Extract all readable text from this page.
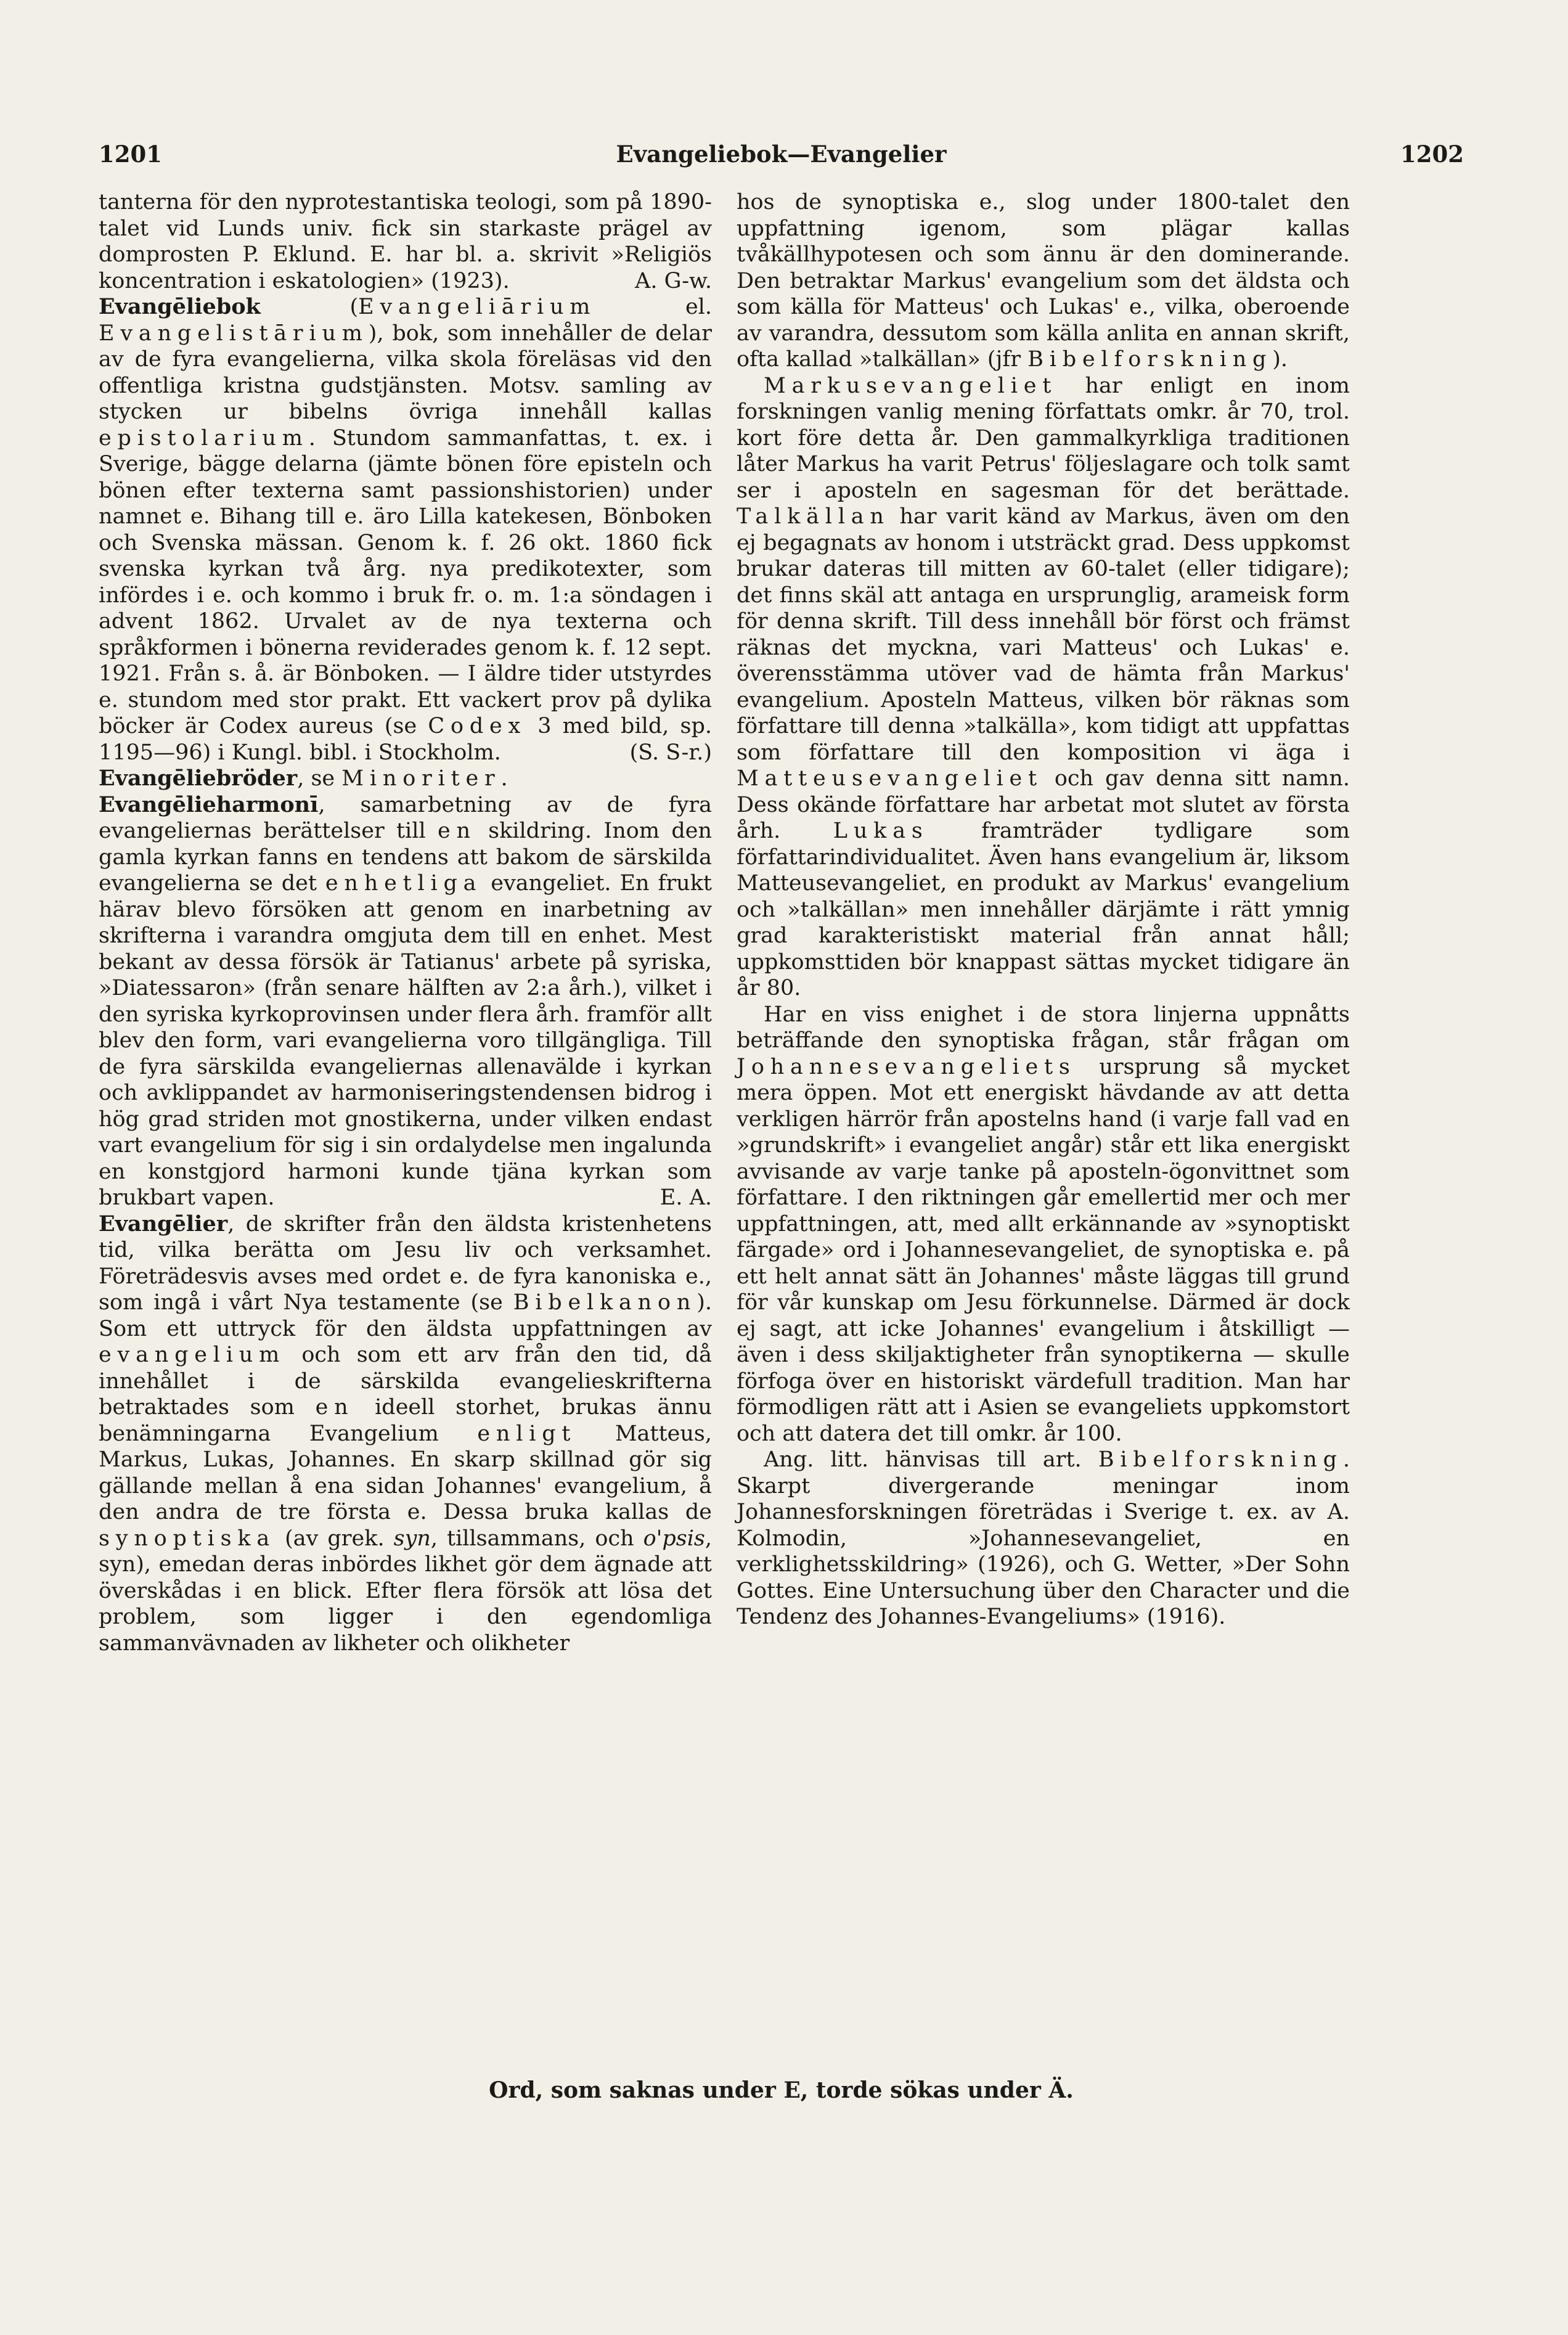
Evangeliebok—Evangelier
1201	1202

tanterna för den nyprotestantiska teologi, som på 1890-talet vid Lunds univ. fick sin starkaste prägel av domprosten P. Eklund. E. har bl. a. skrivit »Religiös koncentration i eskatologien» (1923).	A. G-w.

Evangēliebok (Evangeliārium el. Evangelistārium), bok, som innehåller de delar av de fyra evangelierna, vilka skola föreläsas vid den offentliga kristna gudstjänsten. Motsv. samling av stycken ur bibelns övriga innehåll kallas epistolarium. Stundom sammanfattas, t. ex. i Sverige, bägge delarna (jämte bönen före episteln och bönen efter texterna samt passionshistorien) under namnet e. Bihang till e. äro Lilla katekesen, Bönboken och Svenska mässan. Genom k. f. 26 okt. 1860 fick svenska kyrkan två årg. nya predikotexter, som infördes i e. och kommo i bruk fr. o. m. 1:a söndagen i advent 1862. Urvalet av de nya texterna och språkformen i bönerna reviderades genom k. f. 12 sept. 1921. Från s. å. är Bönboken. — I äldre tider utstyrdes e. stundom med stor prakt. Ett vackert prov på dylika böcker är Codex aureus (se Codex 3 med bild, sp. 1195—96) i Kungl. bibl. i Stockholm.	(S. S-r.)

Evangēliebröder, se Minoriter.

Evangēlieharmonī, samarbetning av de fyra evangeliernas berättelser till en skildring. Inom den gamla kyrkan fanns en tendens att bakom de särskilda evangelierna se det enhetliga evangeliet. En frukt härav blevo försöken att genom en inarbetning av skrifterna i varandra omgjuta dem till en enhet. Mest bekant av dessa försök är Tatianus' arbete på syriska, »Diatessaron» (från senare hälften av 2:a årh.), vilket i den syriska kyrkoprovinsen under flera årh. framför allt blev den form, vari evangelierna voro tillgängliga. Till de fyra särskilda evangeliernas allenavälde i kyrkan och avklippandet av harmoniseringstendensen bidrog i hög grad striden mot gnostikerna, under vilken endast vart evangelium för sig i sin ordalydelse men ingalunda en konstgjord harmoni kunde tjäna kyrkan som brukbart vapen.	E. A.

Evangēlier, de skrifter från den äldsta kristenhetens tid, vilka berätta om Jesu liv och verksamhet. Företrädesvis avses med ordet e. de fyra kanoniska e., som ingå i vårt Nya testamente (se Bibelkanon). Som ett uttryck för den äldsta uppfattningen av evangelium och som ett arv från den tid, då innehållet i de särskilda evangelieskrifterna betraktades som en ideell storhet, brukas ännu benämningarna Evangelium enligt Matteus, Markus, Lukas, Johannes. En skarp skillnad gör sig gällande mellan å ena sidan Johannes' evangelium, å den andra de tre första e. Dessa bruka kallas de synoptiska (av grek. syn, tillsammans, och o'psis, syn), emedan deras inbördes likhet gör dem ägnade att överskådas i en blick. Efter flera försök att lösa det problem, som ligger i den egendomliga sammanvävnaden av likheter och olikheter

hos de synoptiska e., slog under 1800-talet den uppfattning igenom, som plägar kallas tvåkällhypotesen och som ännu är den dominerande. Den betraktar Markus' evangelium som det äldsta och som källa för Matteus' och Lukas' e., vilka, oberoende av varandra, dessutom som källa anlita en annan skrift, ofta kallad »talkällan» (jfr Bibelforskning).

Markusevangeliet har enligt en inom forskningen vanlig mening författats omkr. år 70, trol. kort före detta år. Den gammalkyrkliga traditionen låter Markus ha varit Petrus' följeslagare och tolk samt ser i aposteln en sagesman för det berättade. Talkällan har varit känd av Markus, även om den ej begagnats av honom i utsträckt grad. Dess uppkomst brukar dateras till mitten av 60-talet (eller tidigare); det finns skäl att antaga en ursprunglig, arameisk form för denna skrift. Till dess innehåll bör först och främst räknas det myckna, vari Matteus' och Lukas' e. överensstämma utöver vad de hämta från Markus' evangelium. Aposteln Matteus, vilken bör räknas som författare till denna »talkälla», kom tidigt att uppfattas som författare till den komposition vi äga i Matteusevangeliet och gav denna sitt namn. Dess okände författare har arbetat mot slutet av första årh. Lukas framträder tydligare som författarindividualitet. Även hans evangelium är, liksom Matteusevangeliet, en produkt av Markus' evangelium och »talkällan» men innehåller därjämte i rätt ymnig grad karakteristiskt material från annat håll; uppkomsttiden bör knappast sättas mycket tidigare än år 80.

Har en viss enighet i de stora linjerna uppnåtts beträffande den synoptiska frågan, står frågan om Johannesevangeliets ursprung så mycket mera öppen. Mot ett energiskt hävdande av att detta verkligen härrör från apostelns hand (i varje fall vad en »grundskrift» i evangeliet angår) står ett lika energiskt avvisande av varje tanke på aposteln-ögonvittnet som författare. I den riktningen går emellertid mer och mer uppfattningen, att, med allt erkännande av »synoptiskt färgade» ord i Johannesevangeliet, de synoptiska e. på ett helt annat sätt än Johannes' måste läggas till grund för vår kunskap om Jesu förkunnelse. Därmed är dock ej sagt, att icke Johannes' evangelium i åtskilligt — även i dess skiljaktigheter från synoptikerna — skulle förfoga över en historiskt värdefull tradition. Man har förmodligen rätt att i Asien se evangeliets uppkomstort och att datera det till omkr. år 100.

Ang. litt. hänvisas till art. Bibelforskning. Skarpt divergerande meningar inom Johannesforskningen företrädas i Sverige t. ex. av A. Kolmodin, »Johannesevangeliet, en verklighetsskildring» (1926), och G. Wetter, »Der Sohn Gottes. Eine Untersuchung über den Character und die Tendenz des Johannes-Evangeliums» (1916).

Ord, som saknas under E, torde sökas under Ä.
